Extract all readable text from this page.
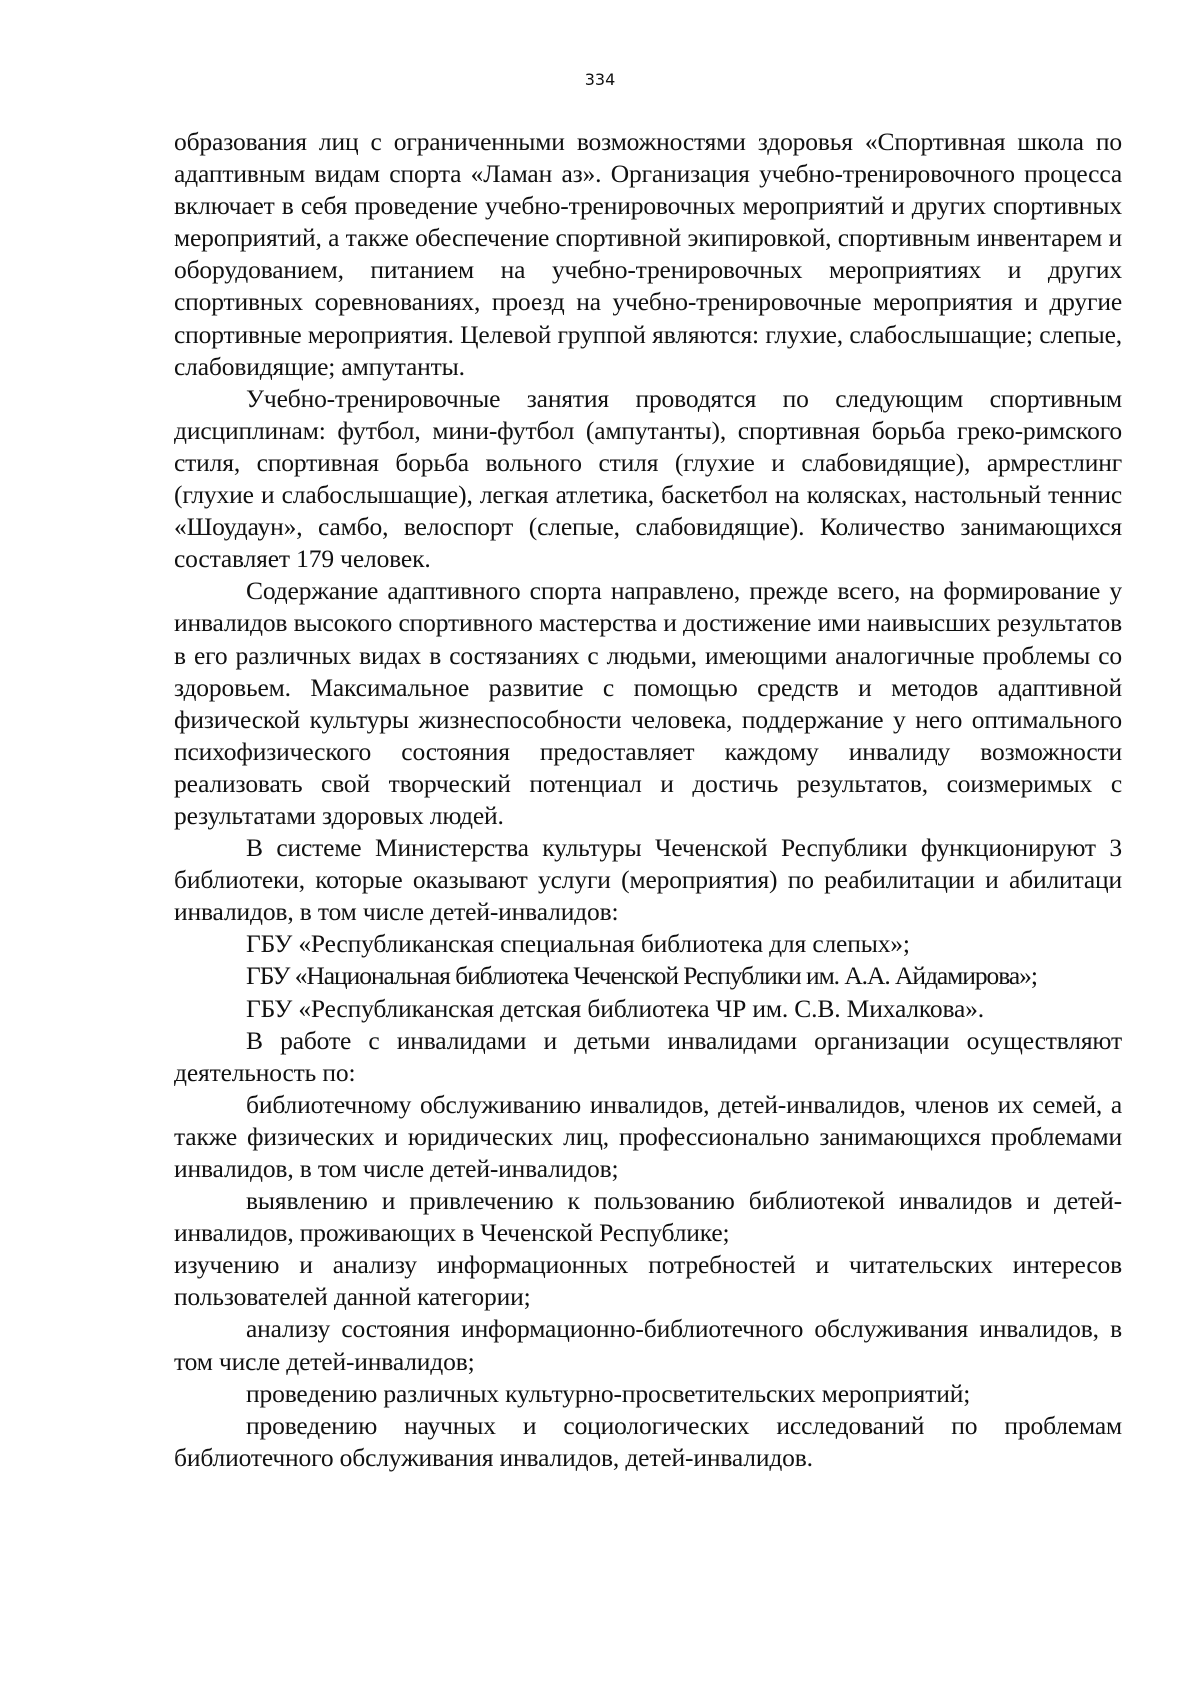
334

образования лиц с ограниченными возможностями здоровья «Спортивная школа по адаптивным видам спорта «Ламан аз». Организация учебно-тренировочного процесса включает в себя проведение учебно-тренировочных мероприятий и других спортивных мероприятий, а также обеспечение спортивной экипировкой, спортивным инвентарем и оборудованием, питанием на учебно-тренировочных мероприятиях и других спортивных соревнованиях, проезд на учебно-тренировочные мероприятия и другие спортивные мероприятия. Целевой группой являются: глухие, слабослышащие; слепые, слабовидящие; ампутанты.

Учебно-тренировочные занятия проводятся по следующим спортивным дисциплинам: футбол, мини-футбол (ампутанты), спортивная борьба греко-римского стиля, спортивная борьба вольного стиля (глухие и слабовидящие), армрестлинг (глухие и слабослышащие), легкая атлетика, баскетбол на колясках, настольный теннис «Шоудаун», самбо, велоспорт (слепые, слабовидящие). Количество занимающихся составляет 179 человек.

Содержание адаптивного спорта направлено, прежде всего, на формирование у инвалидов высокого спортивного мастерства и достижение ими наивысших результатов в его различных видах в состязаниях с людьми, имеющими аналогичные проблемы со здоровьем. Максимальное развитие с помощью средств и методов адаптивной физической культуры жизнеспособности человека, поддержание у него оптимального психофизического состояния предоставляет каждому инвалиду возможности реализовать свой творческий потенциал и достичь результатов, соизмеримых с результатами здоровых людей.

В системе Министерства культуры Чеченской Республики функционируют 3 библиотеки, которые оказывают услуги (мероприятия) по реабилитации и абилитаци инвалидов, в том числе детей-инвалидов:

ГБУ «Республиканская специальная библиотека для слепых»;

ГБУ «Национальная библиотека Чеченской Республики им. А.А. Айдамирова»;

ГБУ «Республиканская детская библиотека ЧР им. С.В. Михалкова».

В работе с инвалидами и детьми инвалидами организации осуществляют деятельность по:

библиотечному обслуживанию инвалидов, детей-инвалидов, членов их семей, а также физических и юридических лиц, профессионально занимающихся проблемами инвалидов, в том числе детей-инвалидов;

выявлению и привлечению к пользованию библиотекой инвалидов и детей-инвалидов, проживающих в Чеченской Республике;

изучению и анализу информационных потребностей и читательских интересов пользователей данной категории;

анализу состояния информационно-библиотечного обслуживания инвалидов, в том числе детей-инвалидов;

проведению различных культурно-просветительских мероприятий;

проведению научных и социологических исследований по проблемам библиотечного обслуживания инвалидов, детей-инвалидов.
